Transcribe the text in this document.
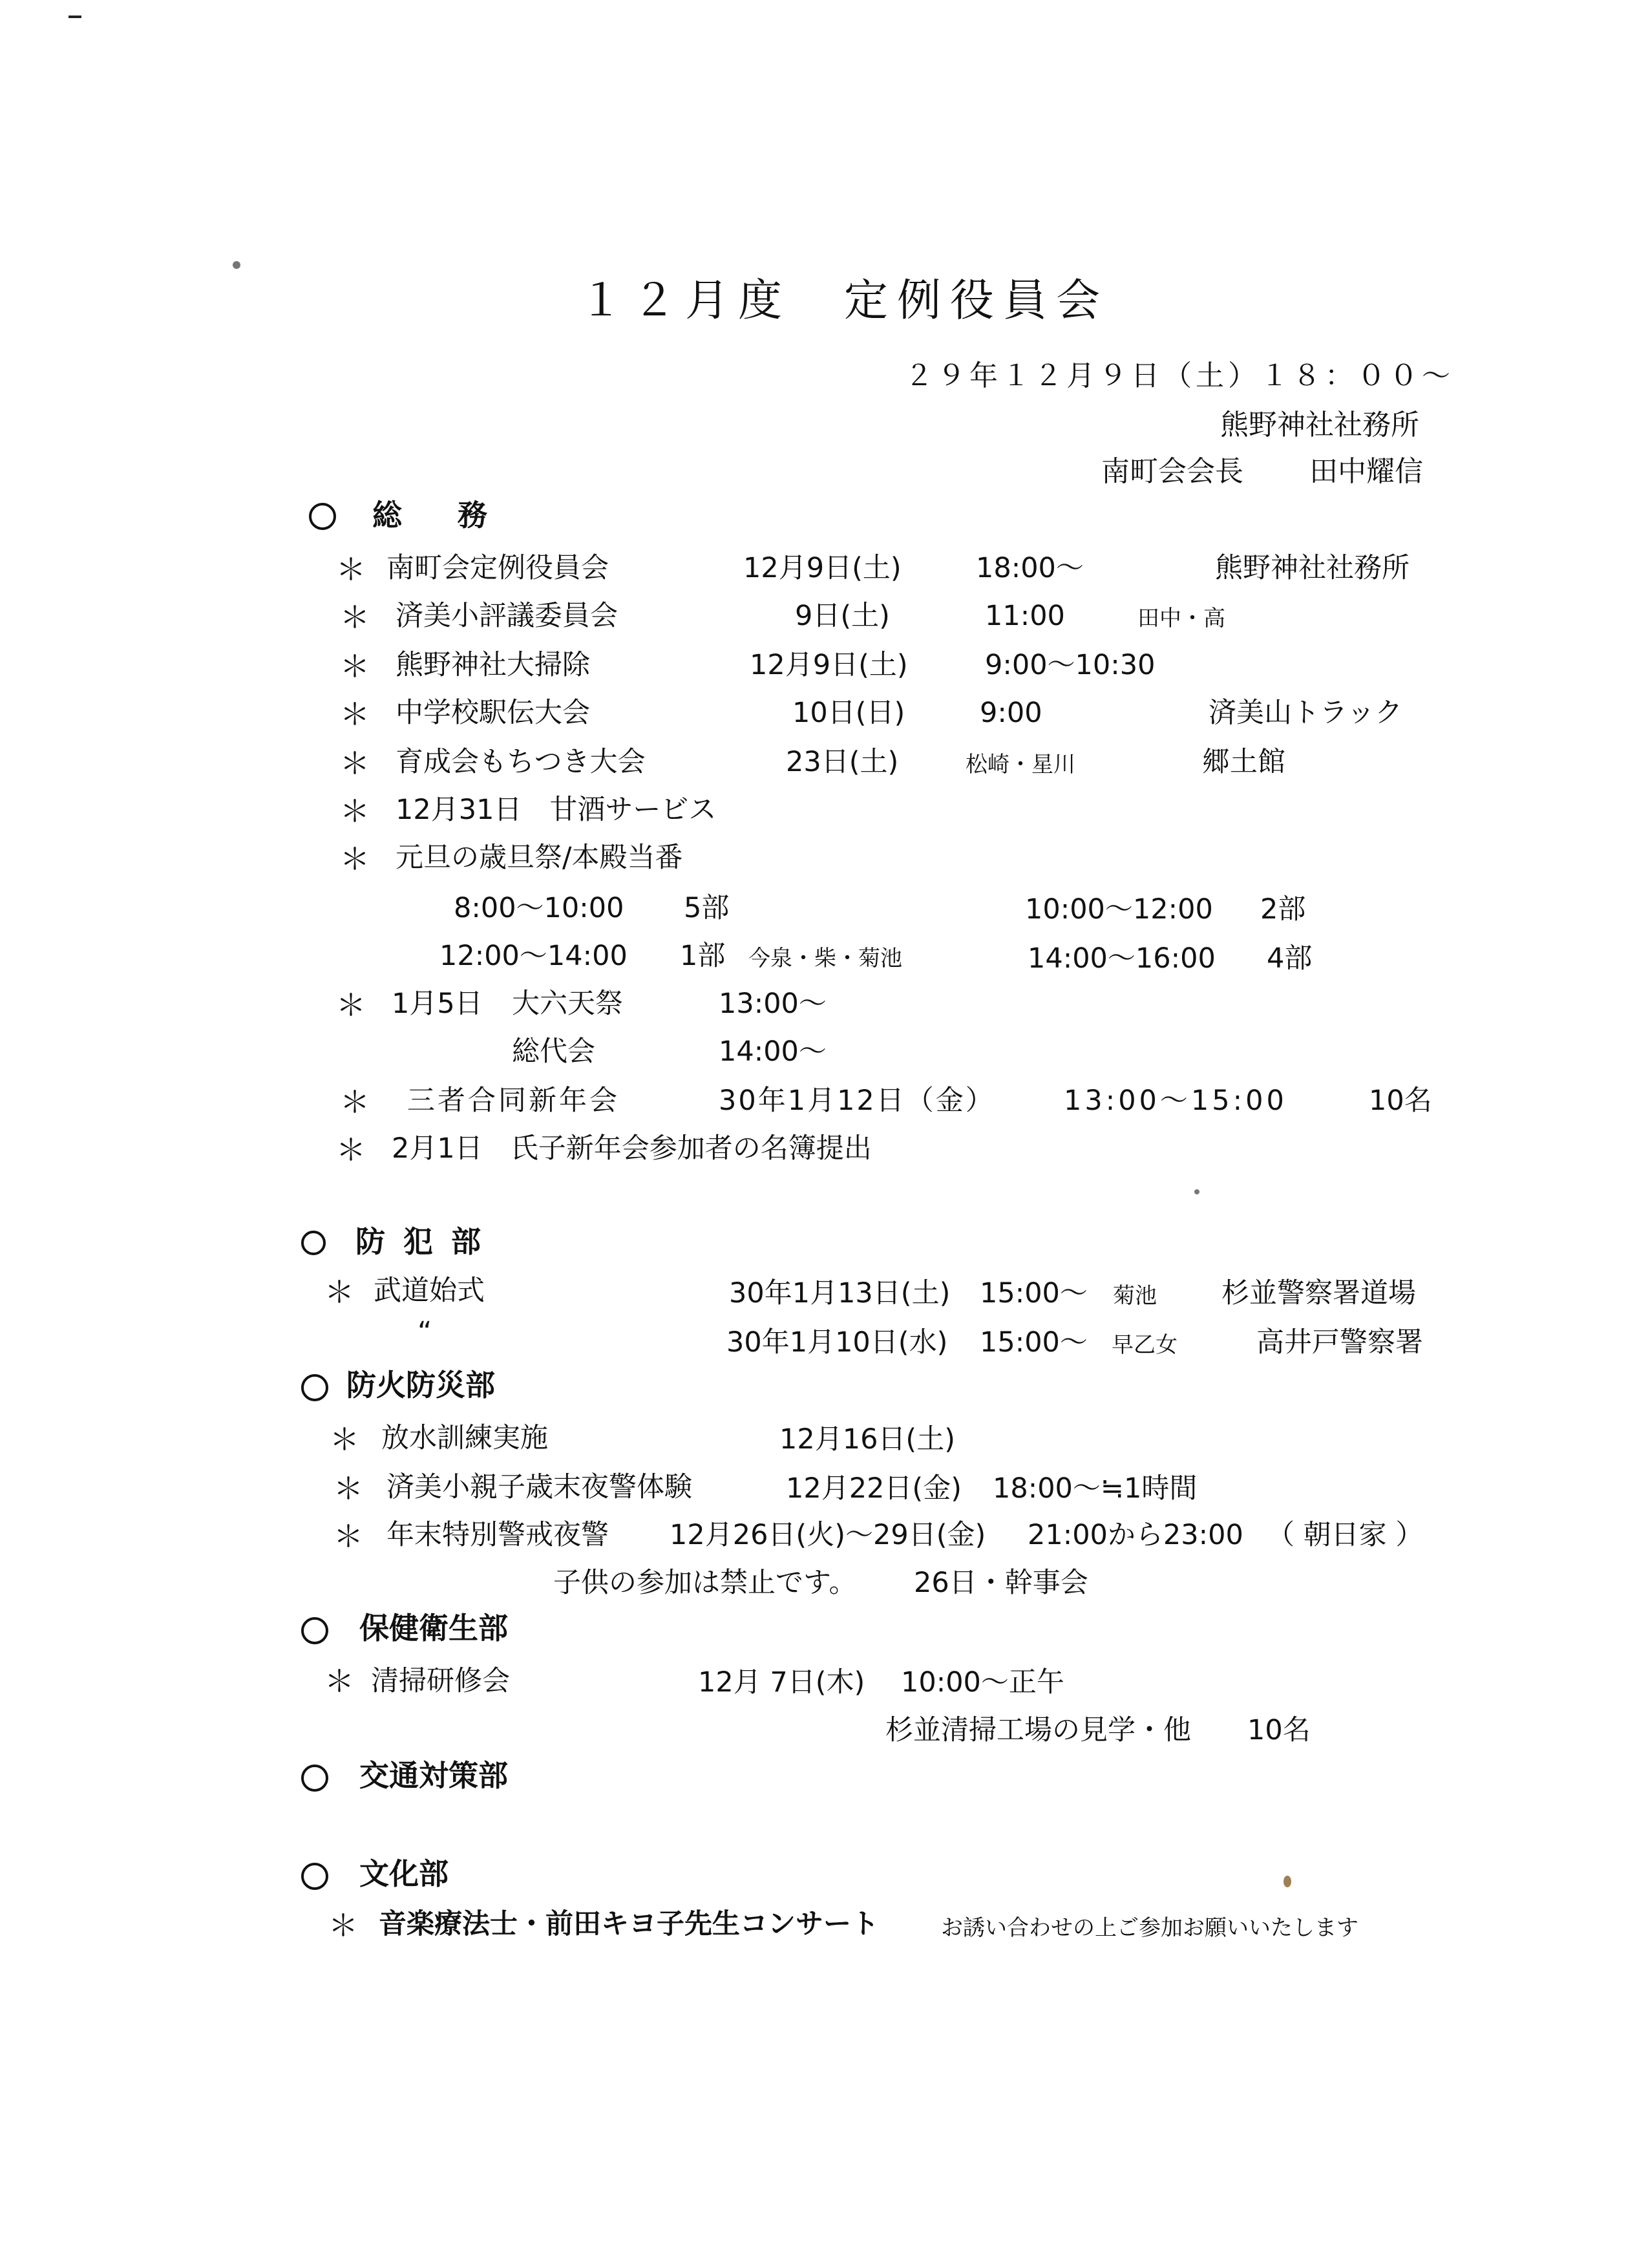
１２月度　定例役員会
２９年１２月９日（土）１８：００〜
熊野神社社務所
南町会会長 田中耀信
総　務
＊ 南町会定例役員会	12月9日(土)	18:00〜	熊野神社社務所
＊ 済美小評議委員会	9日(土)	11:00	田中・高
＊ 熊野神社大掃除	12月9日(土)	9:00〜10:30
＊ 中学校駅伝大会	10日(日)	9:00	済美山トラック
＊ 育成会もちつき大会	23日(土)	松崎・星川	郷土館
＊ 12月31日　甘酒サービス
＊ 元旦の歳旦祭/本殿当番
8:00〜10:00 5部	10:00〜12:00 2部
12:00〜14:00 1部 今泉・柴・菊池	14:00〜16:00 4部
＊ 1月5日 大六天祭	13:00〜
総代会	14:00〜
＊ 三者合同新年会	30年1月12日（金） 13:00〜15:00	10名
＊ 2月1日　氏子新年会参加者の名簿提出
防 犯 部
＊ 武道始式	30年1月13日(土) 15:00〜 菊池 杉並警察署道場
“	30年1月10日(水) 15:00〜 早乙女	高井戸警察署
防火防災部
＊ 放水訓練実施	12月16日(土)
＊ 済美小親子歳末夜警体験	12月22日(金) 18:00〜≒1時間
＊ 年末特別警戒夜警 12月26日(火)〜29日(金) 21:00から23:00 （ 朝日家 ）
子供の参加は禁止です。 26日・幹事会
保健衛生部
＊ 清掃研修会	12月 7日(木) 10:00〜正午
杉並清掃工場の見学・他 10名
交通対策部
文化部
＊ 音楽療法士・前田キヨ子先生コンサート	お誘い合わせの上ご参加お願いいたします
